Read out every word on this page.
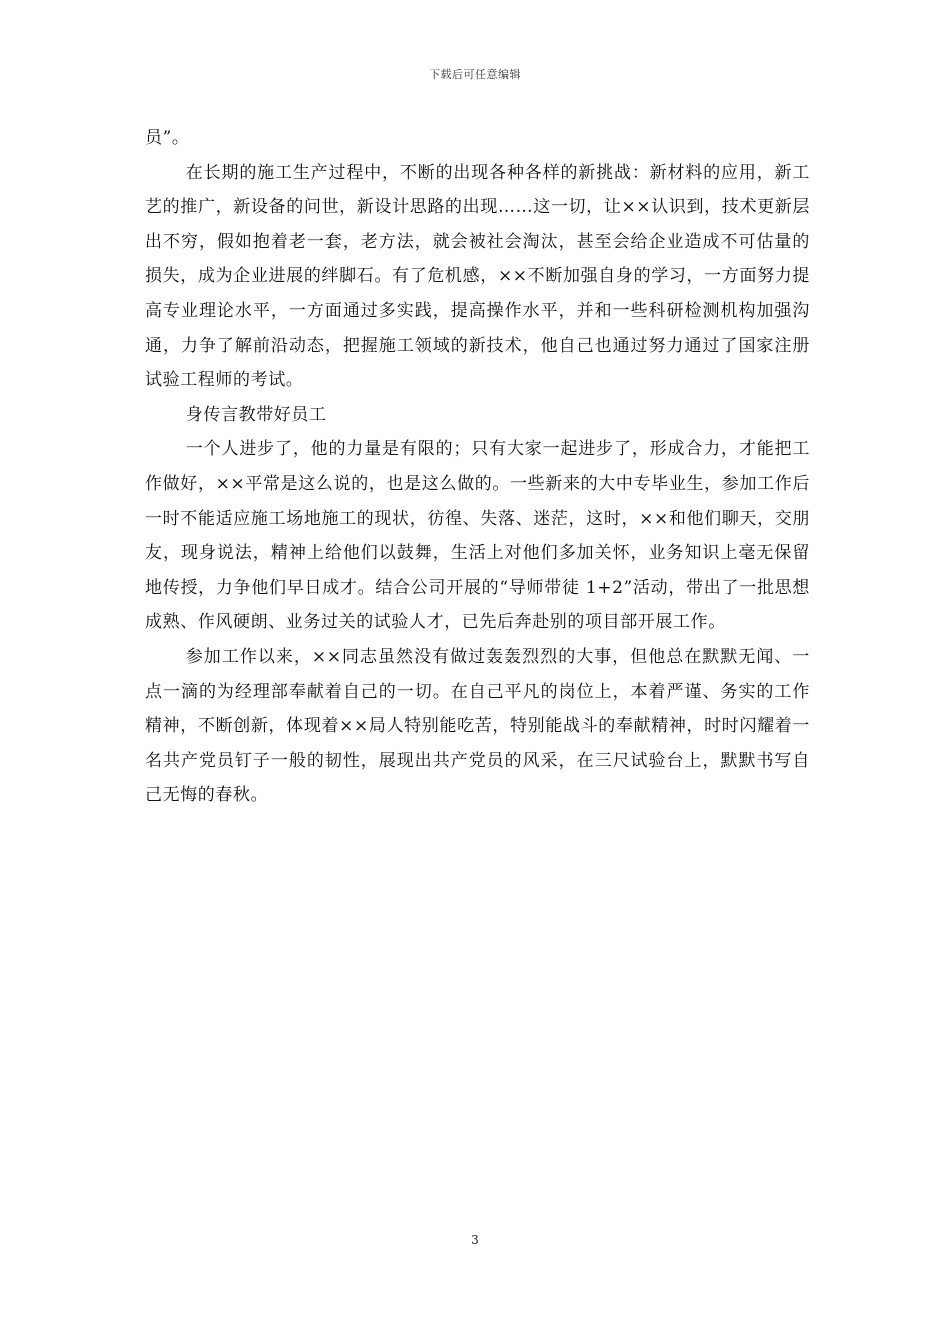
下载后可任意编辑

员”。

在长期的施工生产过程中，不断的出现各种各样的新挑战：新材料的应用，新工艺的推广，新设备的问世，新设计思路的出现……这一切，让××认识到，技术更新层出不穷，假如抱着老一套，老方法，就会被社会淘汰，甚至会给企业造成不可估量的损失，成为企业进展的绊脚石。有了危机感，××不断加强自身的学习，一方面努力提高专业理论水平，一方面通过多实践，提高操作水平，并和一些科研检测机构加强沟通，力争了解前沿动态，把握施工领域的新技术，他自己也通过努力通过了国家注册试验工程师的考试。

身传言教带好员工

一个人进步了，他的力量是有限的；只有大家一起进步了，形成合力，才能把工作做好，××平常是这么说的，也是这么做的。一些新来的大中专毕业生，参加工作后一时不能适应施工场地施工的现状，彷徨、失落、迷茫，这时，××和他们聊天，交朋友，现身说法，精神上给他们以鼓舞，生活上对他们多加关怀，业务知识上毫无保留地传授，力争他们早日成才。结合公司开展的“导师带徒 1+2”活动，带出了一批思想成熟、作风硬朗、业务过关的试验人才，已先后奔赴别的项目部开展工作。

参加工作以来，××同志虽然没有做过轰轰烈烈的大事，但他总在默默无闻、一点一滴的为经理部奉献着自己的一切。在自己平凡的岗位上，本着严谨、务实的工作精神，不断创新，体现着××局人特别能吃苦，特别能战斗的奉献精神，时时闪耀着一名共产党员钉子一般的韧性，展现出共产党员的风采，在三尺试验台上，默默书写自己无悔的春秋。

3
